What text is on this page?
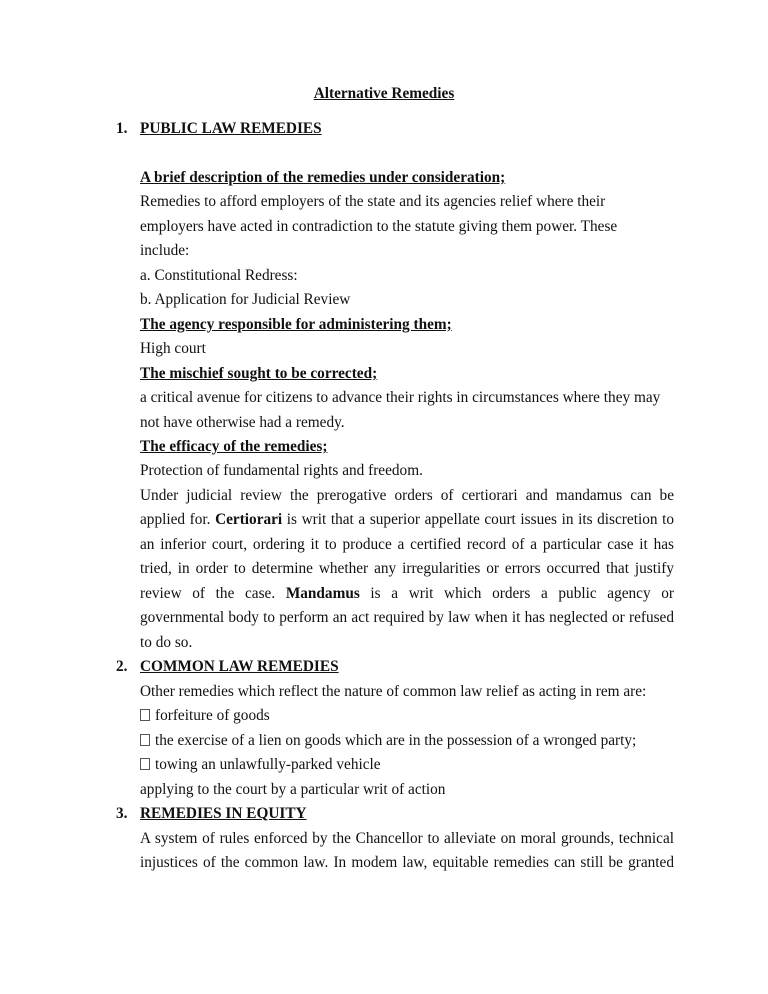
Alternative Remedies
1. PUBLIC LAW REMEDIES
A brief description of the remedies under consideration;
Remedies to afford employers of the state and its agencies relief where their
employers have acted in contradiction to the statute giving them power. These
include:
a. Constitutional Redress:
b. Application for Judicial Review
The agency responsible for administering them;
High court
The mischief sought to be corrected;
a critical avenue for citizens to advance their rights in circumstances where they may
not have otherwise had a remedy.
The efficacy of the remedies;
Protection of fundamental rights and freedom.
Under judicial review the prerogative orders of certiorari and mandamus can be
applied for. Certiorari is writ that a superior appellate court issues in its discretion to
an inferior court, ordering it to produce a certified record of a particular case it has
tried, in order to determine whether any irregularities or errors occurred that justify
review of the case. Mandamus is a writ which orders a public agency or
governmental body to perform an act required by law when it has neglected or refused
to do so.
2. COMMON LAW REMEDIES
Other remedies which reflect the nature of common law relief as acting in rem are:
forfeiture of goods
the exercise of a lien on goods which are in the possession of a wronged party;
towing an unlawfully-parked vehicle
applying to the court by a particular writ of action
3. REMEDIES IN EQUITY
A system of rules enforced by the Chancellor to alleviate on moral grounds, technical
injustices of the common law. In modem law, equitable remedies can still be granted
